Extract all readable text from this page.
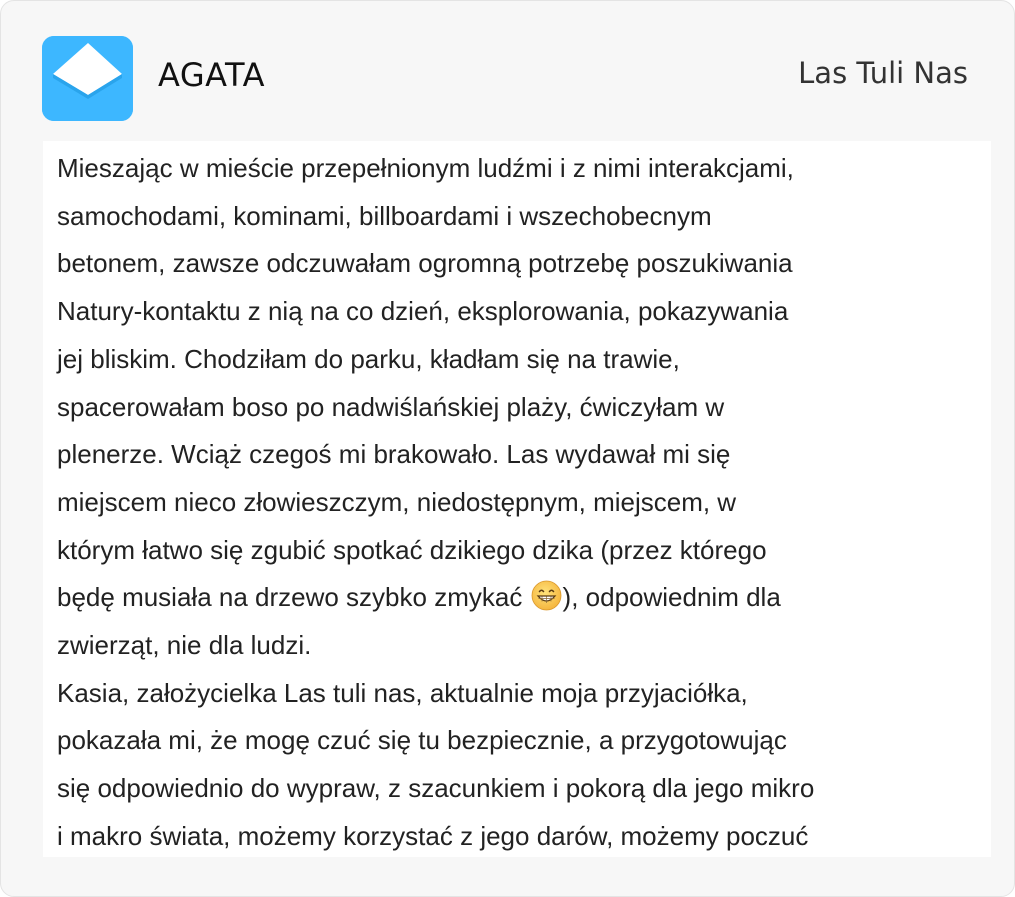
AGATA	Las Tuli Nas

Mieszając w mieście przepełnionym ludźmi i z nimi interakcjami,

samochodami, kominami, billboardami i wszechobecnym

betonem, zawsze odczuwałam ogromną potrzebę poszukiwania

Natury-kontaktu z nią na co dzień, eksplorowania, pokazywania

jej bliskim. Chodziłam do parku, kładłam się na trawie,

spacerowałam boso po nadwiślańskiej plaży, ćwiczyłam w

plenerze. Wciąż czegoś mi brakowało. Las wydawał mi się

miejscem nieco złowieszczym, niedostępnym, miejscem, w

którym łatwo się zgubić spotkać dzikiego dzika (przez którego

będę musiała na drzewo szybko zmykać ), odpowiednim dla

zwierząt, nie dla ludzi.

Kasia, założycielka Las tuli nas, aktualnie moja przyjaciółka,

pokazała mi, że mogę czuć się tu bezpiecznie, a przygotowując

się odpowiednio do wypraw, z szacunkiem i pokorą dla jego mikro

i makro świata, możemy korzystać z jego darów, możemy poczuć
